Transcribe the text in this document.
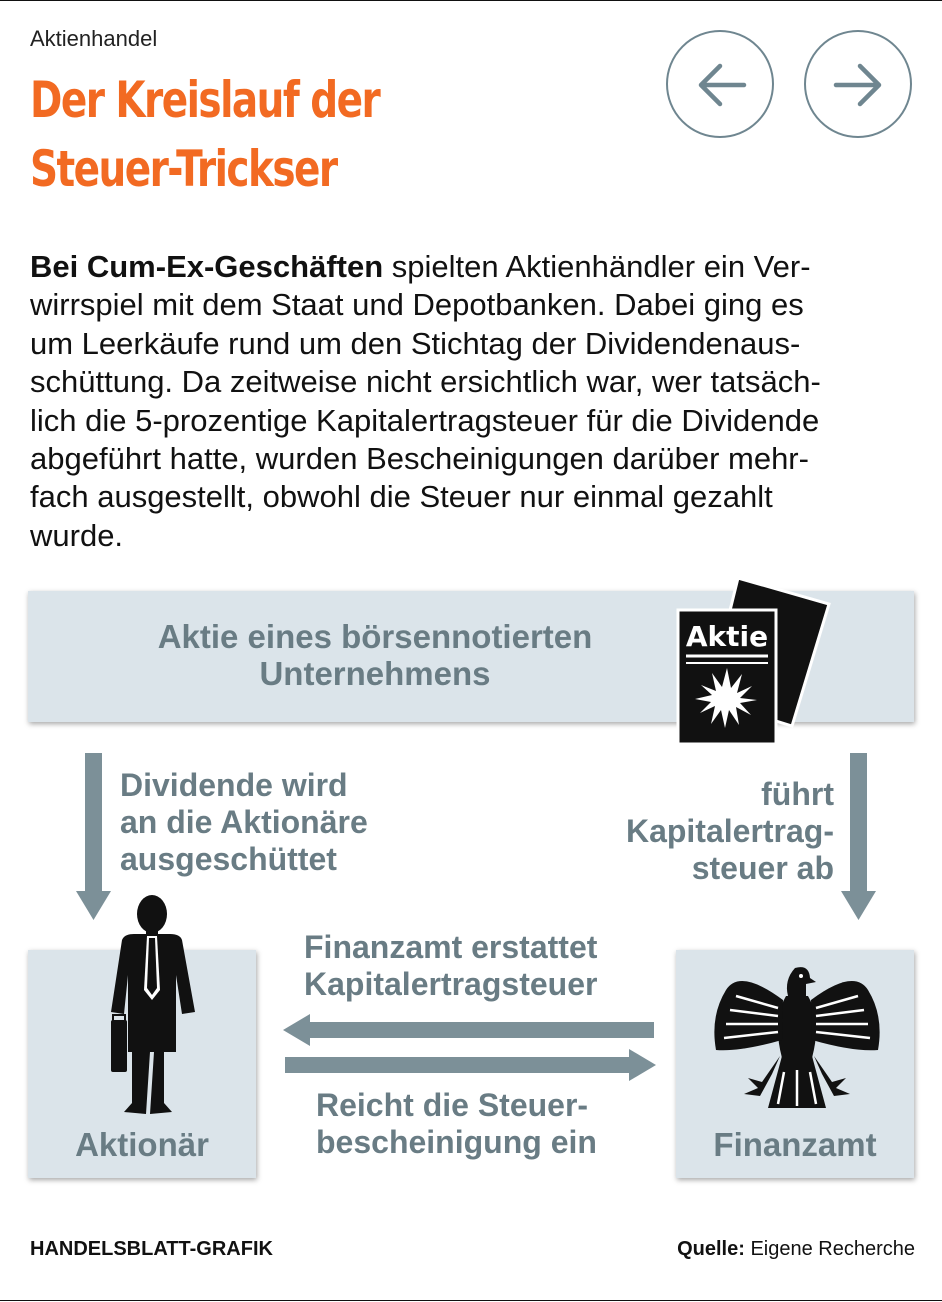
Aktienhandel
Der Kreislauf der
Steuer-Trickser
Bei Cum-Ex-Geschäften spielten Aktienhändler ein Ver-
wirrspiel mit dem Staat und Depotbanken. Dabei ging es
um Leerkäufe rund um den Stichtag der Dividendenaus-
schüttung. Da zeitweise nicht ersichtlich war, wer tatsäch-
lich die 5-prozentige Kapitalertragsteuer für die Dividende
abgeführt hatte, wurden Bescheinigungen darüber mehr-
fach ausgestellt, obwohl die Steuer nur einmal gezahlt
wurde.
Aktie
Aktie eines börsennotierten
Unternehmens
Dividende wird
an die Aktionäre
ausgeschüttet
führt
Kapitalertrag-
steuer ab
Finanzamt erstattet
Kapitalertragsteuer
Reicht die Steuer-
bescheinigung ein
Aktionär	Finanzamt
HANDELSBLATT-GRAFIK	Quelle: Eigene Recherche
